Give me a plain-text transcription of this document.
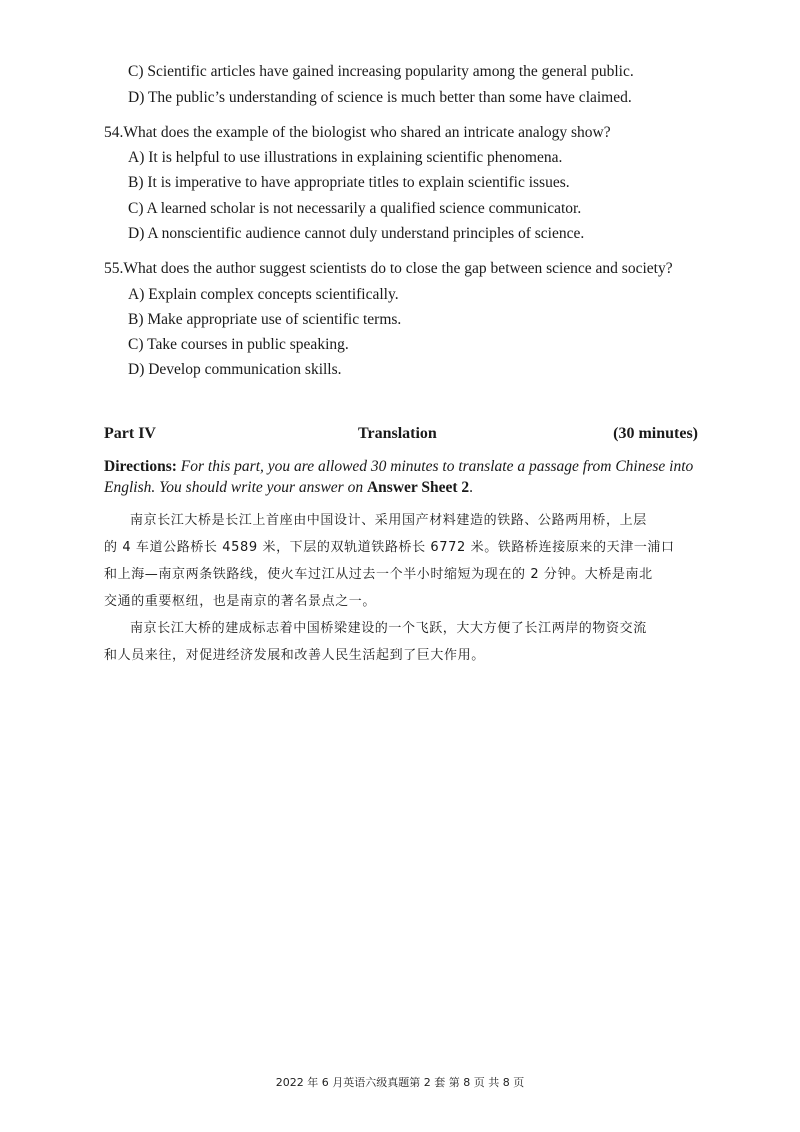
C) Scientific articles have gained increasing popularity among the general public.
D) The public’s understanding of science is much better than some have claimed.
54.What does the example of the biologist who shared an intricate analogy show?
A) It is helpful to use illustrations in explaining scientific phenomena.
B) It is imperative to have appropriate titles to explain scientific issues.
C) A learned scholar is not necessarily a qualified science communicator.
D) A nonscientific audience cannot duly understand principles of science.
55.What does the author suggest scientists do to close the gap between science and society?
A) Explain complex concepts scientifically.
B) Make appropriate use of scientific terms.
C) Take courses in public speaking.
D) Develop communication skills.
Part IV	Translation	(30 minutes)
Directions: For this part, you are allowed 30 minutes to translate a passage from Chinese into
English. You should write your answer on Answer Sheet 2.
南京长江大桥是长江上首座由中国设计、采用国产材料建造的铁路、公路两用桥，上层
的 4 车道公路桥长 4589 米，下层的双轨道铁路桥长 6772 米。铁路桥连接原来的天津一浦口
和上海—南京两条铁路线，使火车过江从过去一个半小时缩短为现在的 2 分钟。大桥是南北
交通的重要枢纽，也是南京的著名景点之一。
南京长江大桥的建成标志着中国桥梁建设的一个飞跃，大大方便了长江两岸的物资交流
和人员来往，对促进经济发展和改善人民生活起到了巨大作用。
2022 年 6 月英语六级真题第 2 套 第 8 页 共 8 页
